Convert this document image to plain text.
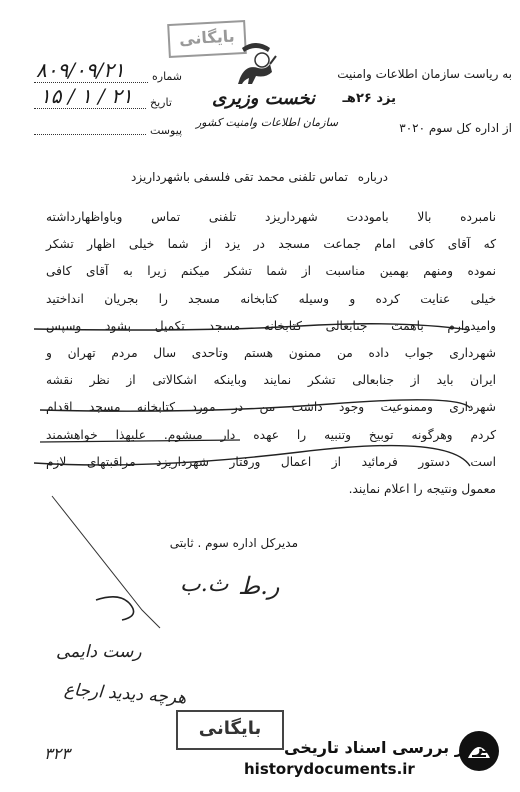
بایگانی
به ریاست سازمان اطلاعات وامنیت
از اداره کل سوم ۳۰۲۰
شماره
۸۰۹/۰۹/۲۱
تاریخ
۱۵ / ۱ / ۲۱
پیوست
نخست وزیری
سازمان اطلاعات وامنیت کشور
یزد ۲۶هـ
درباره تماس تلفنی محمد تقی فلسفی باشهرداریزد
نامبرده بالا باموددت شهرداریزد تلفنی تماس وباواظهارداشته
که آقای کافی امام جماعت مسجد در یزد از شما خیلی اظهار تشکر
نموده ومنهم بهمین مناسبت از شما تشکر میکنم زیرا به آقای کافی
خیلی عنایت کرده و وسیله کتابخانه مسجد را بجریان انداختید
وامیدوارم باهمت جنابعالی کتابخانه مسجد تکمیل بشود وسپس
شهرداری جواب داده من ممنون هستم وتاحدی سال مردم تهران و
ایران باید از جنابعالی تشکر نمایند وباینکه اشکالاتی از نظر نقشه
شهرداری وممنوعیت وجود داشت من در مورد کتابخانه مسجد اقدام
کردم وهرگونه توبیخ وتنبیه را عهده دار میشوم. علیهذا خواهشمند
است دستور فرمائید از اعمال ورفتار شهرداریزد مراقبتهای لازم
معمول ونتیجه را اعلام نمایند.
مدیرکل اداره سوم . ثابتی
ر.ط
ث.ب
رست دایمی
هرچه دیدید ارجاع
۳۲۳
بایگانی
مرکز بررسی اسناد تاریخی
historydocuments.ir
